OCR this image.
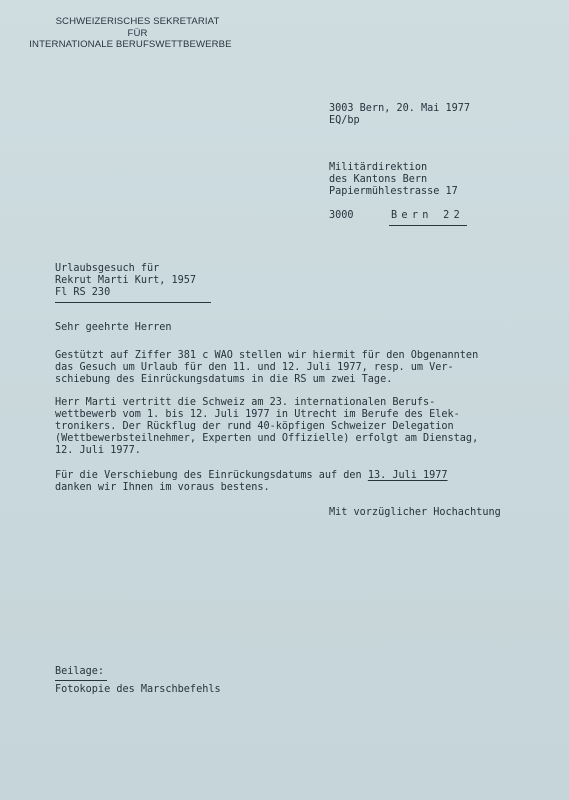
SCHWEIZERISCHES SEKRETARIAT
FÜR
INTERNATIONALE BERUFSWETTBEWERBE
3003 Bern, 20. Mai 1977
EQ/bp
Militärdirektion
des Kantons Bern
Papiermühlestrasse 17
3000	Bern 22
Urlaubsgesuch für
Rekrut Marti Kurt, 1957
Fl RS 230
Sehr geehrte Herren
Gestützt auf Ziffer 381 c WAO stellen wir hiermit für den Obgenannten
das Gesuch um Urlaub für den 11. und 12. Juli 1977, resp. um Ver-
schiebung des Einrückungsdatums in die RS um zwei Tage.
Herr Marti vertritt die Schweiz am 23. internationalen Berufs-
wettbewerb vom 1. bis 12. Juli 1977 in Utrecht im Berufe des Elek-
tronikers. Der Rückflug der rund 40-köpfigen Schweizer Delegation
(Wettbewerbsteilnehmer, Experten und Offizielle) erfolgt am Dienstag,
12. Juli 1977.
Für die Verschiebung des Einrückungsdatums auf den 13. Juli 1977
danken wir Ihnen im voraus bestens.
Mit vorzüglicher Hochachtung
Beilage:
Fotokopie des Marschbefehls
